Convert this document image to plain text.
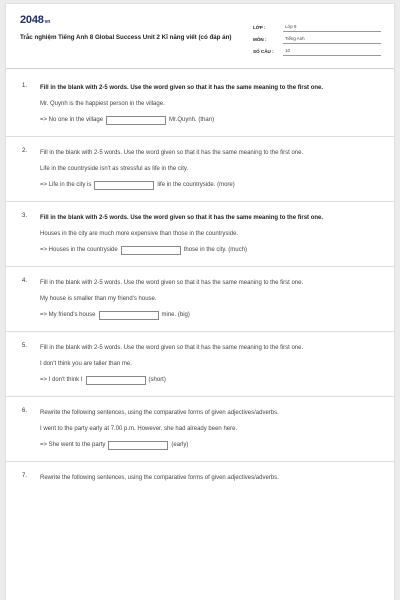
2048vn
Trắc nghiệm Tiếng Anh 8 Global Success Unit 2 Kĩ năng viết (có đáp án)
LỚP :	Lớp 8
MÔN :	Tiếng Anh
SỐ CÂU :	10
1.	Fill in the blank with 2-5 words. Use the word given so that it has the same meaning to the first one.
Mr. Quynh is the happiest person in the village.
=> No one in the village	Mr.Quynh. (than)
2.	Fill in the blank with 2-5 words. Use the word given so that it has the same meaning to the first one.
Life in the countryside isn't as stressful as life in the city.
=> Life in the city is	life in the countryside. (more)
3.	Fill in the blank with 2-5 words. Use the word given so that it has the same meaning to the first one.
Houses in the city are much more expensive than those in the countryside.
=> Houses in the countryside	those in the city. (much)
4.	Fill in the blank with 2-5 words. Use the word given so that it has the same meaning to the first one.
My house is smaller than my friend's house.
=> My friend's house	mine. (big)
5.	Fill in the blank with 2-5 words. Use the word given so that it has the same meaning to the first one.
I don't think you are taller than me.
=> I don't think I	(short)
6.	Rewrite the following sentences, using the comparative forms of given adjectives/adverbs.
I went to the party early at 7.00 p.m. However, she had already been here.
=> She went to the party	(early)
7.	Rewrite the following sentences, using the comparative forms of given adjectives/adverbs.
